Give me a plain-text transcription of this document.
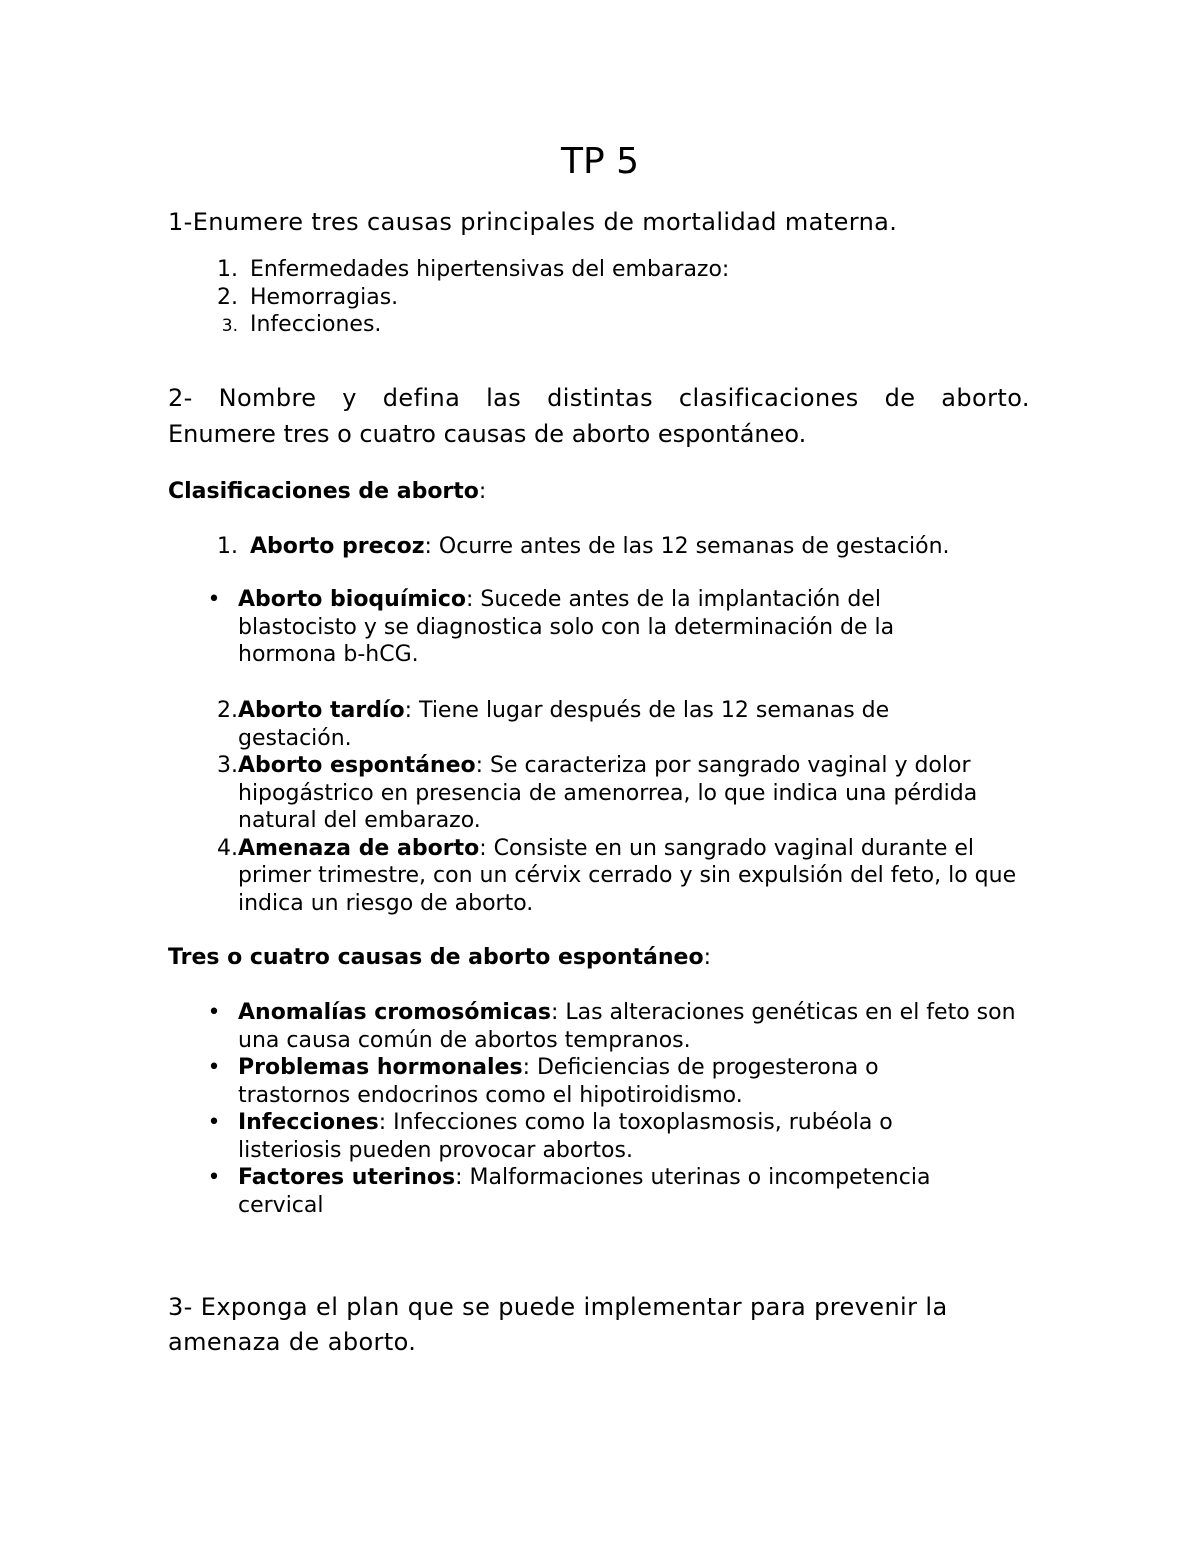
TP 5
1-Enumere tres causas principales de mortalidad materna.
1. Enfermedades hipertensivas del embarazo:
2. Hemorragias.
3. Infecciones.
2- Nombre y defina las distintas clasificaciones de aborto.
Enumere tres o cuatro causas de aborto espontáneo.
Clasificaciones de aborto:
1. Aborto precoz: Ocurre antes de las 12 semanas de gestación.
• Aborto bioquímico: Sucede antes de la implantación del blastocisto y se diagnostica solo con la determinación de la hormona b-hCG.
2. Aborto tardío: Tiene lugar después de las 12 semanas de gestación.
3. Aborto espontáneo: Se caracteriza por sangrado vaginal y dolor hipogástrico en presencia de amenorrea, lo que indica una pérdida natural del embarazo.
4. Amenaza de aborto: Consiste en un sangrado vaginal durante el primer trimestre, con un cérvix cerrado y sin expulsión del feto, lo que indica un riesgo de aborto.
Tres o cuatro causas de aborto espontáneo:
• Anomalías cromosómicas: Las alteraciones genéticas en el feto son una causa común de abortos tempranos.
• Problemas hormonales: Deficiencias de progesterona o trastornos endocrinos como el hipotiroidismo.
• Infecciones: Infecciones como la toxoplasmosis, rubéola o listeriosis pueden provocar abortos.
• Factores uterinos: Malformaciones uterinas o incompetencia cervical
3- Exponga el plan que se puede implementar para prevenir la amenaza de aborto.
